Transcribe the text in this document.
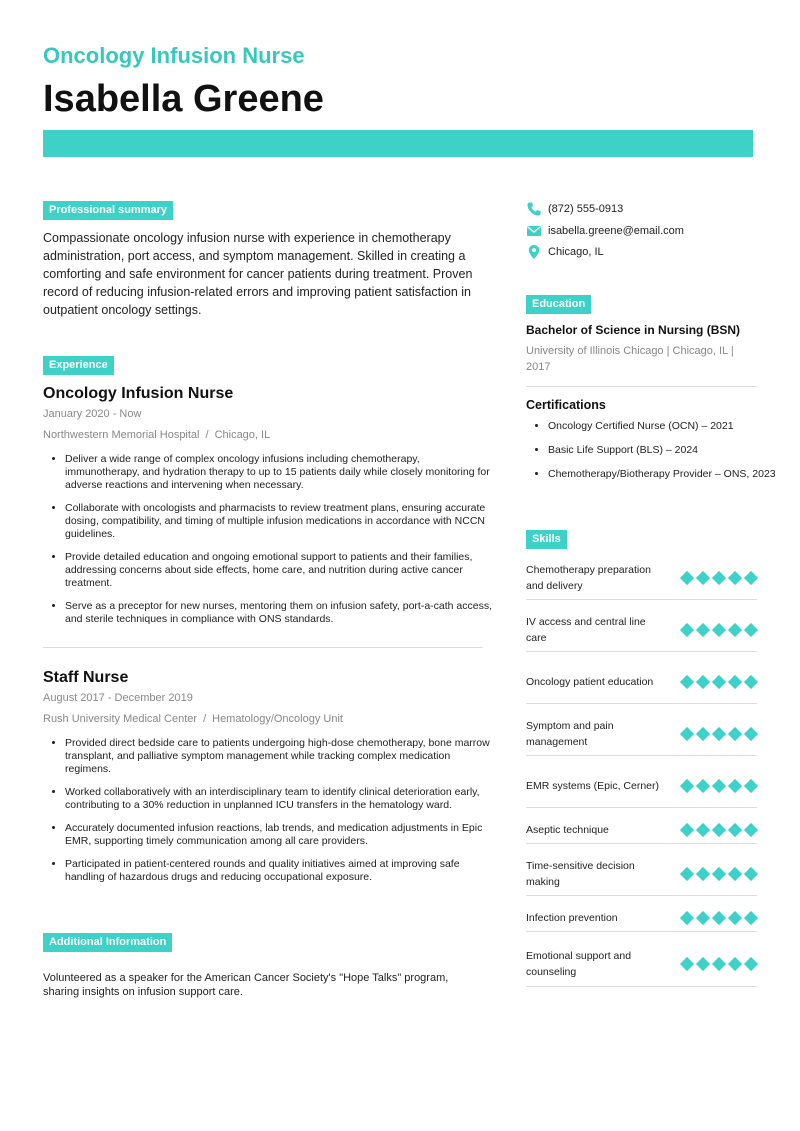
Oncology Infusion Nurse
Isabella Greene
Professional summary

Compassionate oncology infusion nurse with experience in chemotherapy administration, port access, and symptom management. Skilled in creating a comforting and safe environment for cancer patients during treatment. Proven record of reducing infusion-related errors and improving patient satisfaction in outpatient oncology settings.

Experience
Oncology Infusion Nurse
January 2020 - Now
Northwestern Memorial Hospital / Chicago, IL
• Deliver a wide range of complex oncology infusions including chemotherapy, immunotherapy, and hydration therapy to up to 15 patients daily while closely monitoring for adverse reactions and intervening when necessary.
• Collaborate with oncologists and pharmacists to review treatment plans, ensuring accurate dosing, compatibility, and timing of multiple infusion medications in accordance with NCCN guidelines.
• Provide detailed education and ongoing emotional support to patients and their families, addressing concerns about side effects, home care, and nutrition during active cancer treatment.
• Serve as a preceptor for new nurses, mentoring them on infusion safety, port-a-cath access, and sterile techniques in compliance with ONS standards.
Staff Nurse
August 2017 - December 2019
Rush University Medical Center / Hematology/Oncology Unit
• Provided direct bedside care to patients undergoing high-dose chemotherapy, bone marrow transplant, and palliative symptom management while tracking complex medication regimens.
• Worked collaboratively with an interdisciplinary team to identify clinical deterioration early, contributing to a 30% reduction in unplanned ICU transfers in the hematology ward.
• Accurately documented infusion reactions, lab trends, and medication adjustments in Epic EMR, supporting timely communication among all care providers.
• Participated in patient-centered rounds and quality initiatives aimed at improving safe handling of hazardous drugs and reducing occupational exposure.
Additional Information
Volunteered as a speaker for the American Cancer Society's "Hope Talks" program, sharing insights on infusion support care.
(872) 555-0913
isabella.greene@email.com
Chicago, IL
Education
Bachelor of Science in Nursing (BSN)
University of Illinois Chicago | Chicago, IL | 2017
Certifications
• Oncology Certified Nurse (OCN) – 2021
• Basic Life Support (BLS) – 2024
• Chemotherapy/Biotherapy Provider – ONS, 2023
Skills
Chemotherapy preparation and delivery
IV access and central line care
Oncology patient education
Symptom and pain management
EMR systems (Epic, Cerner)
Aseptic technique
Time-sensitive decision making
Infection prevention
Emotional support and counseling
